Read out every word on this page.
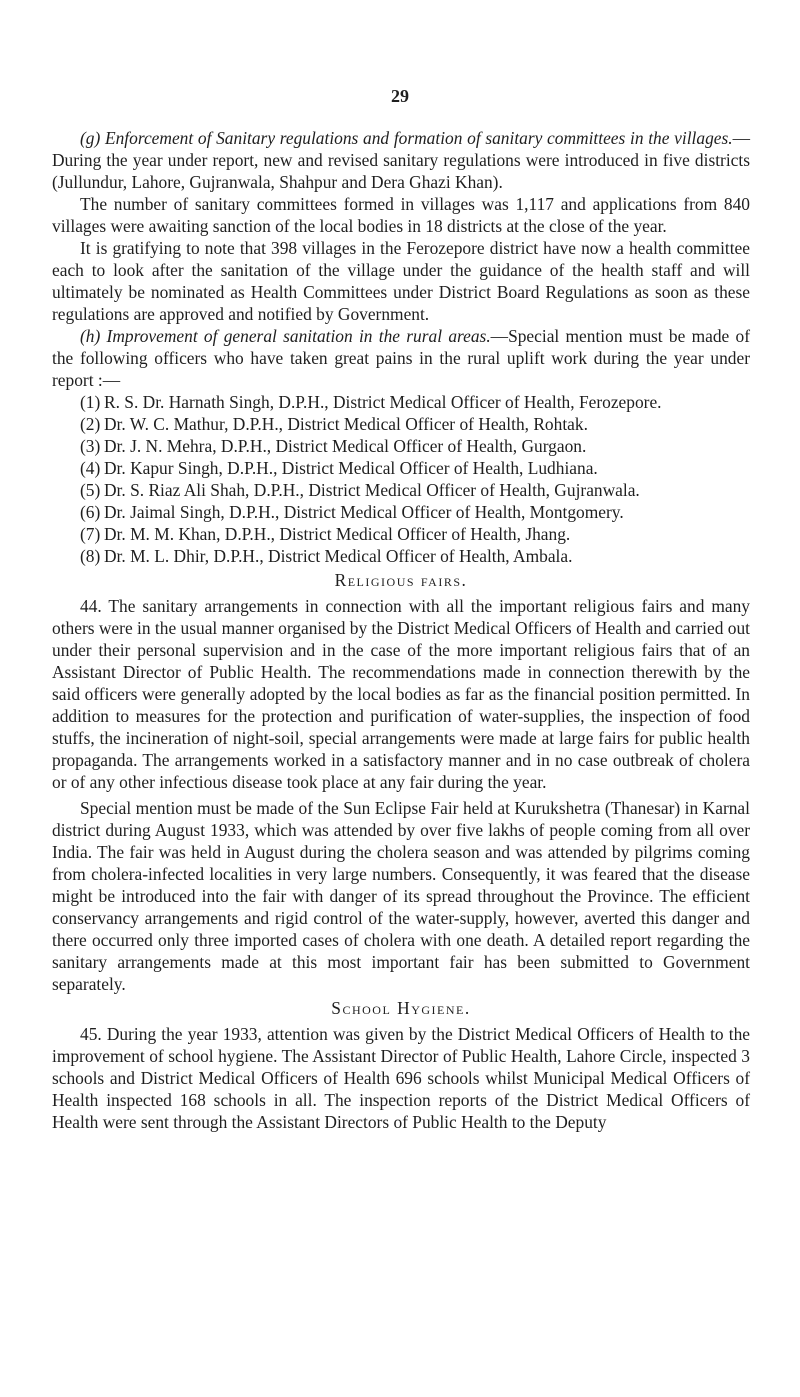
29

(g) Enforcement of Sanitary regulations and formation of sanitary committees in the villages.—During the year under report, new and revised sanitary regulations were introduced in five districts (Jullundur, Lahore, Gujranwala, Shahpur and Dera Ghazi Khan).

The number of sanitary committees formed in villages was 1,117 and applications from 840 villages were awaiting sanction of the local bodies in 18 districts at the close of the year.

It is gratifying to note that 398 villages in the Ferozepore district have now a health committee each to look after the sanitation of the village under the guidance of the health staff and will ultimately be nominated as Health Committees under District Board Regulations as soon as these regulations are approved and notified by Government.

(h) Improvement of general sanitation in the rural areas.—Special mention must be made of the following officers who have taken great pains in the rural uplift work during the year under report :—

(1) R. S. Dr. Harnath Singh, D.P.H., District Medical Officer of Health, Ferozepore.
(2) Dr. W. C. Mathur, D.P.H., District Medical Officer of Health, Rohtak.
(3) Dr. J. N. Mehra, D.P.H., District Medical Officer of Health, Gurgaon.
(4) Dr. Kapur Singh, D.P.H., District Medical Officer of Health, Ludhiana.
(5) Dr. S. Riaz Ali Shah, D.P.H., District Medical Officer of Health, Gujranwala.
(6) Dr. Jaimal Singh, D.P.H., District Medical Officer of Health, Montgomery.
(7) Dr. M. M. Khan, D.P.H., District Medical Officer of Health, Jhang.
(8) Dr. M. L. Dhir, D.P.H., District Medical Officer of Health, Ambala.
Religious fairs.

44. The sanitary arrangements in connection with all the important religious fairs and many others were in the usual manner organised by the District Medical Officers of Health and carried out under their personal supervision and in the case of the more important religious fairs that of an Assistant Director of Public Health. The recommendations made in connection therewith by the said officers were generally adopted by the local bodies as far as the financial position permitted. In addition to measures for the protection and purification of water-supplies, the inspection of food stuffs, the incineration of night-soil, special arrangements were made at large fairs for public health propaganda. The arrangements worked in a satisfactory manner and in no case outbreak of cholera or of any other infectious disease took place at any fair during the year.

Special mention must be made of the Sun Eclipse Fair held at Kurukshetra (Thanesar) in Karnal district during August 1933, which was attended by over five lakhs of people coming from all over India. The fair was held in August during the cholera season and was attended by pilgrims coming from cholera-infected localities in very large numbers. Consequently, it was feared that the disease might be introduced into the fair with danger of its spread throughout the Province. The efficient conservancy arrangements and rigid control of the water-supply, however, averted this danger and there occurred only three imported cases of cholera with one death. A detailed report regarding the sanitary arrangements made at this most important fair has been submitted to Government separately.

School Hygiene.

45. During the year 1933, attention was given by the District Medical Officers of Health to the improvement of school hygiene. The Assistant Director of Public Health, Lahore Circle, inspected 3 schools and District Medical Officers of Health 696 schools whilst Municipal Medical Officers of Health inspected 168 schools in all. The inspection reports of the District Medical Officers of Health were sent through the Assistant Directors of Public Health to the Deputy
